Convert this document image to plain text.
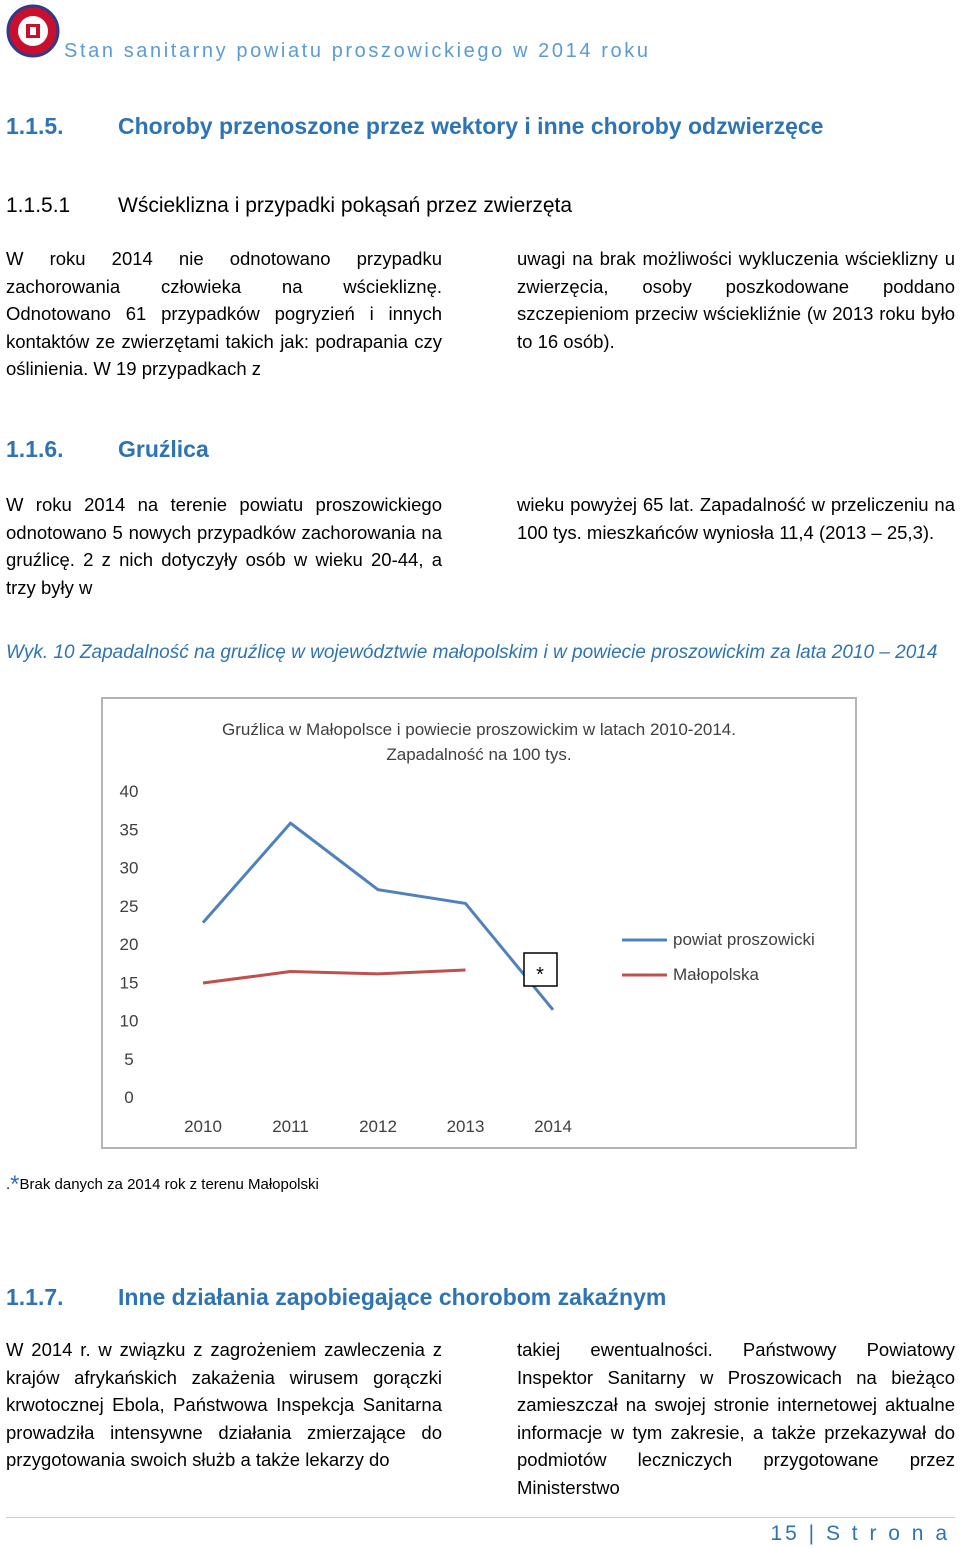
Stan sanitarny powiatu proszowickiego w 2014 roku
1.1.5. Choroby przenoszone przez wektory i inne choroby odzwierzęce
1.1.5.1 Wścieklizna i przypadki pokąsań przez zwierzęta
W roku 2014 nie odnotowano przypadku zachorowania człowieka na wściekliznę. Odnotowano 61 przypadków pogryzień i innych kontaktów ze zwierzętami takich jak: podrapania czy oślinienia. W 19 przypadkach z
uwagi na brak możliwości wykluczenia wścieklizny u zwierzęcia, osoby poszkodowane poddano szczepieniom przeciw wściekliźnie (w 2013 roku było to 16 osób).
1.1.6. Gruźlica
W roku 2014 na terenie powiatu proszowickiego odnotowano 5 nowych przypadków zachorowania na gruźlicę. 2 z nich dotyczyły osób w wieku 20-44, a trzy były w
wieku powyżej 65 lat. Zapadalność w przeliczeniu na 100 tys. mieszkańców wyniosła 11,4 (2013 – 25,3).
Wyk. 10 Zapadalność na gruźlicę w województwie małopolskim i w powiecie proszowickim za lata 2010 – 2014
Gruźlica w Małopolsce i powiecie proszowickim w latach 2010-2014.
Zapadalność na 100 tys.
0
5
10
15
20
25
30
35
40
2010	2011	2012	2013	2014
powiat proszowicki
Małopolska
*
.*Brak danych za 2014 rok z terenu Małopolski
1.1.7. Inne działania zapobiegające chorobom zakaźnym
W 2014 r. w związku z zagrożeniem zawleczenia z krajów afrykańskich zakażenia wirusem gorączki krwotocznej Ebola, Państwowa Inspekcja Sanitarna prowadziła intensywne działania zmierzające do przygotowania swoich służb a także lekarzy do
takiej ewentualności. Państwowy Powiatowy Inspektor Sanitarny w Proszowicach na bieżąco zamieszczał na swojej stronie internetowej aktualne informacje w tym zakresie, a także przekazywał do podmiotów leczniczych przygotowane przez Ministerstwo
15 | S t r o n a
